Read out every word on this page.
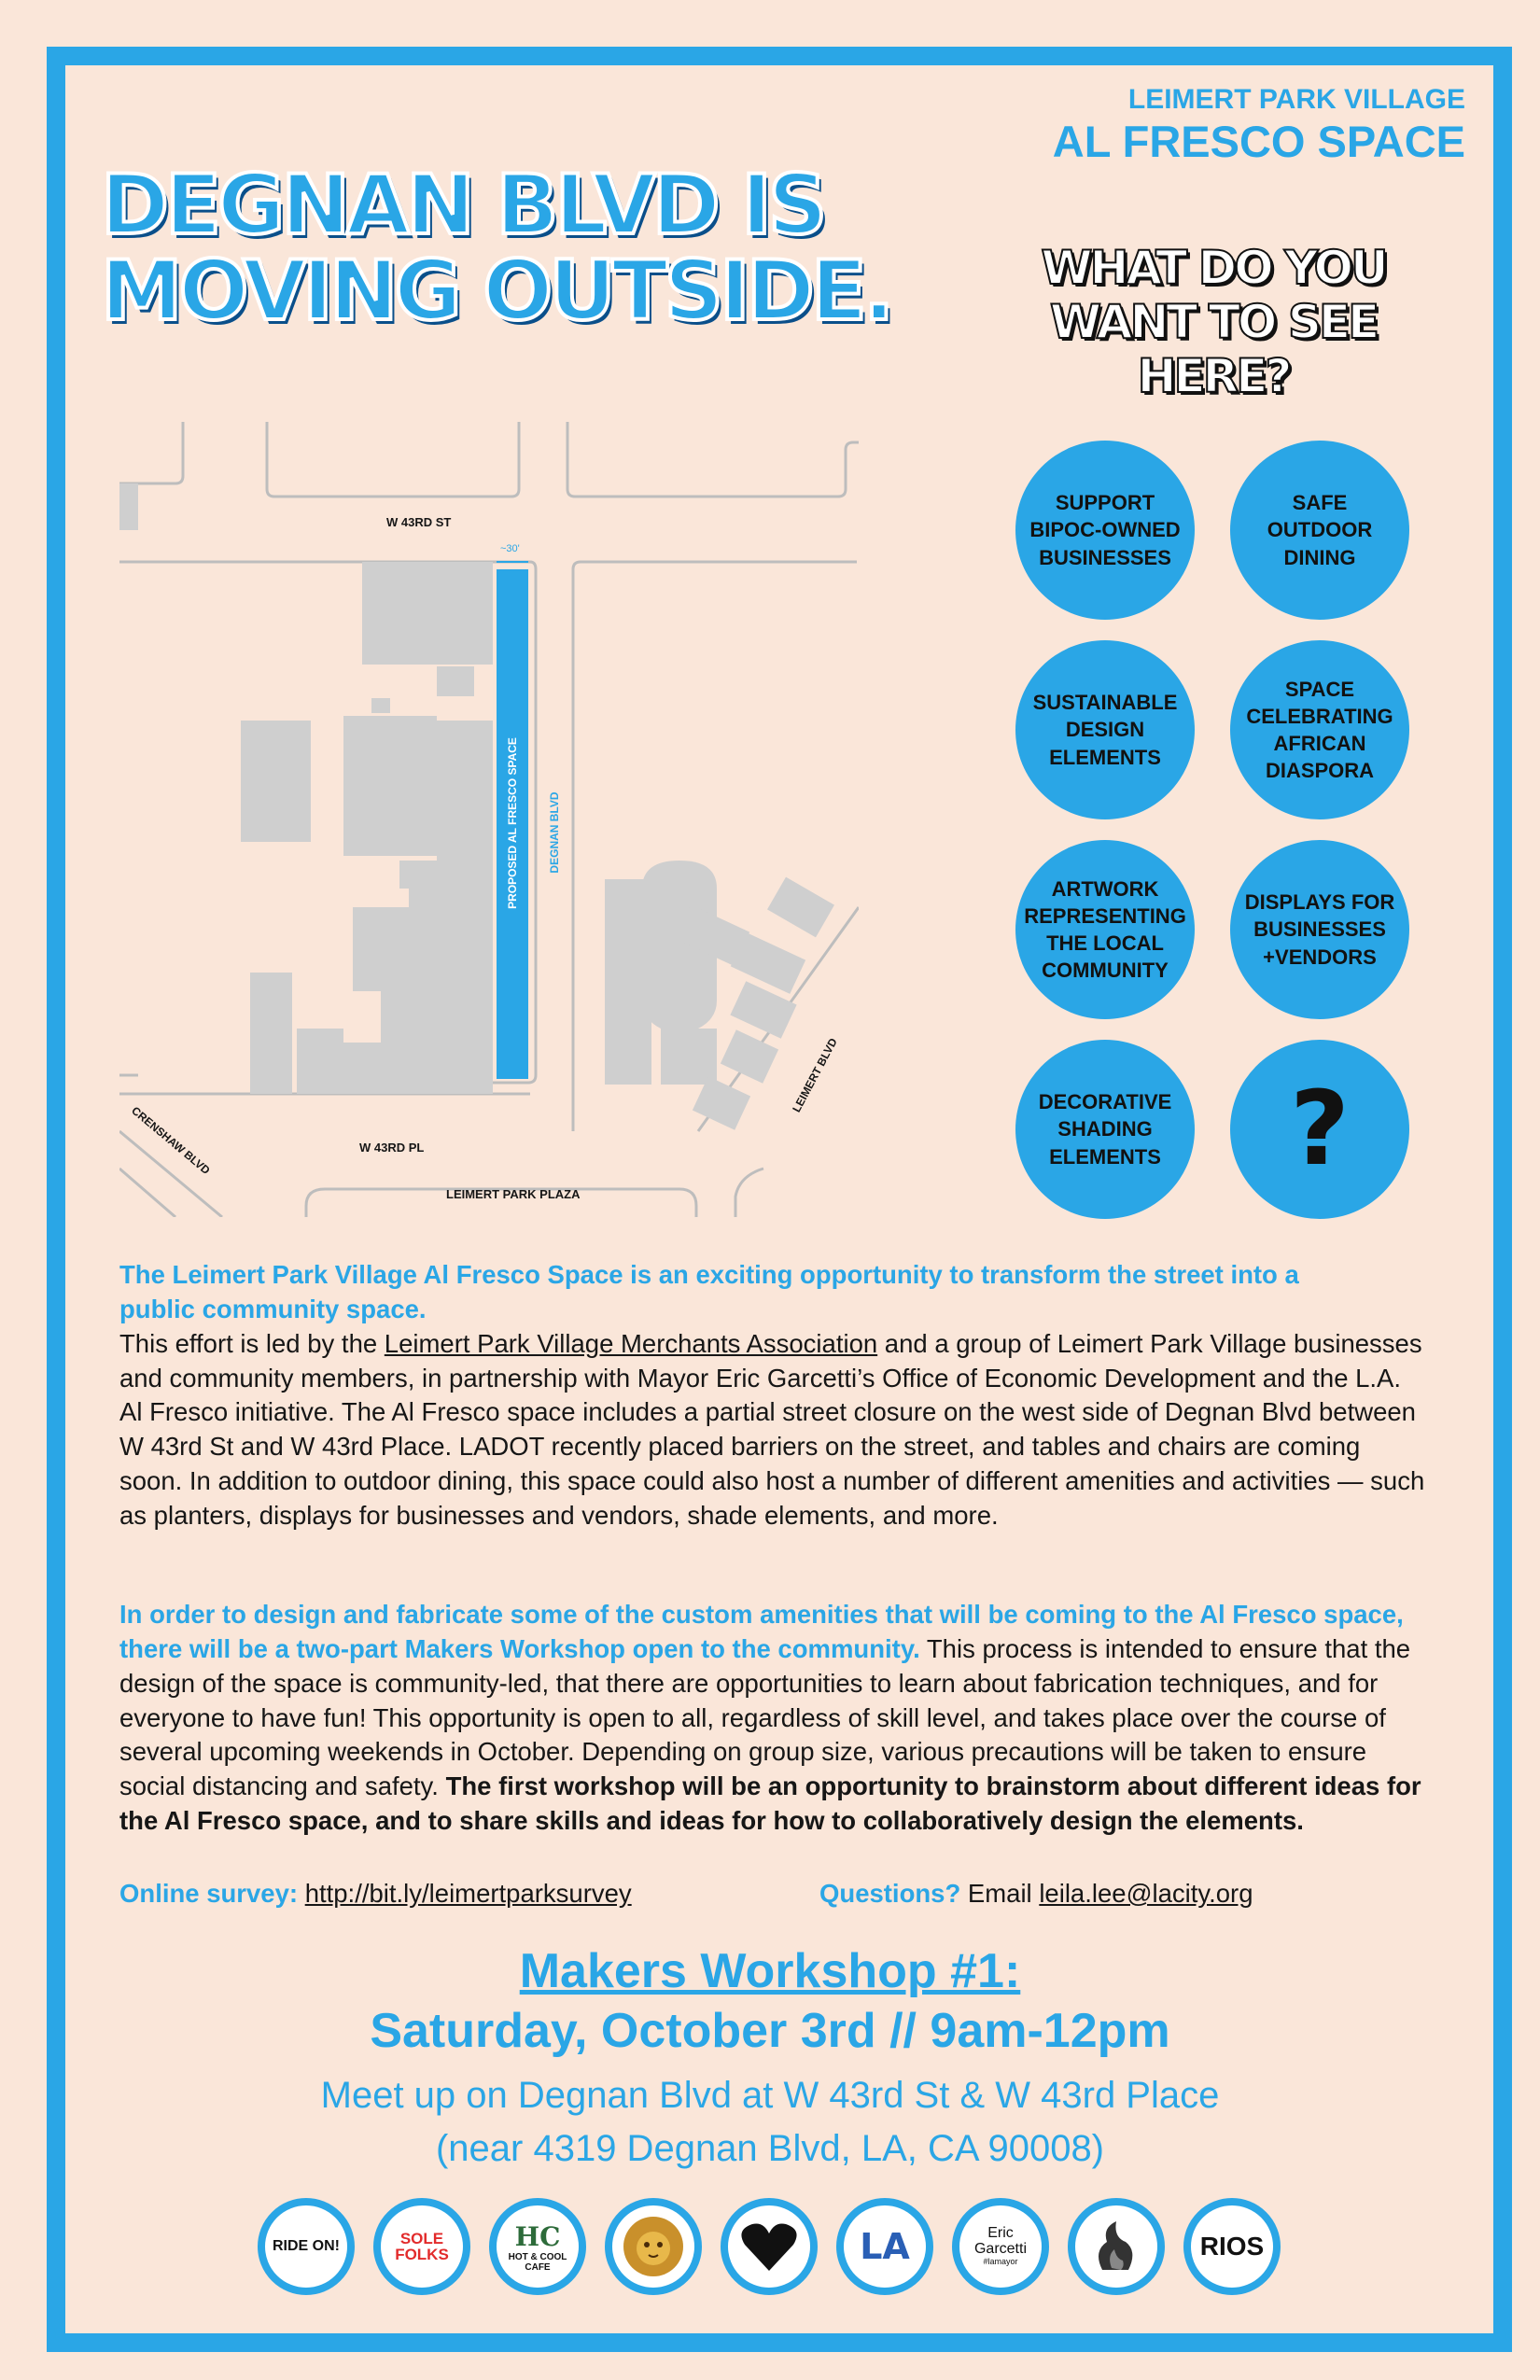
LEIMERT PARK VILLAGE
AL FRESCO SPACE
DEGNAN BLVD IS
MOVING OUTSIDE.	WHAT DO YOU
WANT TO SEE
HERE?
W 43RD ST
~30'
PROPOSED AL FRESCO SPACE	DEGNAN BLVD
LEIMERT BLVD
CRENSHAW BLVD	W 43RD PL
LEIMERT PARK PLAZA
SUPPORT BIPOC-OWNED BUSINESSES
SAFE OUTDOOR DINING
SUSTAINABLE DESIGN ELEMENTS
SPACE CELEBRATING AFRICAN DIASPORA
ARTWORK REPRESENTING THE LOCAL COMMUNITY
DISPLAYS FOR BUSINESSES +VENDORS
DECORATIVE SHADING ELEMENTS	?
The Leimert Park Village Al Fresco Space is an exciting opportunity to transform the street into a public community space.
This effort is led by the Leimert Park Village Merchants Association and a group of Leimert Park Village businesses and community members, in partnership with Mayor Eric Garcetti’s Office of Economic Development and the L.A. Al Fresco initiative. The Al Fresco space includes a partial street closure on the west side of Degnan Blvd between W 43rd St and W 43rd Place. LADOT recently placed barriers on the street, and tables and chairs are coming soon. In addition to outdoor dining, this space could also host a number of different amenities and activities — such as planters, displays for businesses and vendors, shade elements, and more.
In order to design and fabricate some of the custom amenities that will be coming to the Al Fresco space, there will be a two-part Makers Workshop open to the community. This process is intended to ensure that the design of the space is community-led, that there are opportunities to learn about fabrication techniques, and for everyone to have fun! This opportunity is open to all, regardless of skill level, and takes place over the course of several upcoming weekends in October. Depending on group size, various precautions will be taken to ensure social distancing and safety. The first workshop will be an opportunity to brainstorm about different ideas for the Al Fresco space, and to share skills and ideas for how to collaboratively design the elements.
Online survey: http://bit.ly/leimertparksurvey	Questions? Email leila.lee@lacity.org
Makers Workshop #1:
Saturday, October 3rd // 9am-12pm
Meet up on Degnan Blvd at W 43rd St & W 43rd Place
(near 4319 Degnan Blvd, LA, CA 90008)
RIDE ON!	SOLE FOLKS
HC
HOT & COOL CAFE	LA	Eric Garcetti
#lamayor
RIOS
